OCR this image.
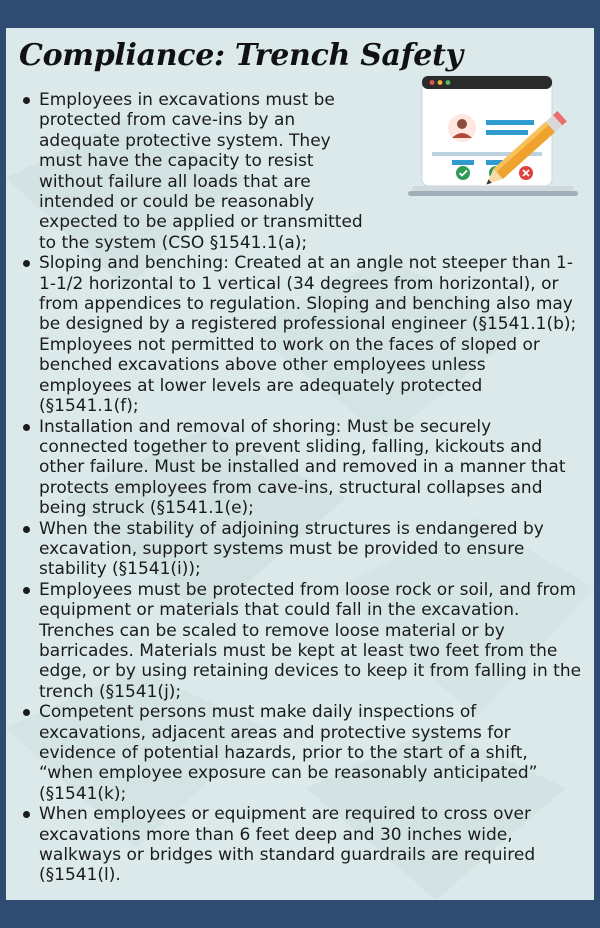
Compliance: Trench Safety
Employees in excavations must be protected from cave-ins by an adequate protective system. They must have the capacity to resist without failure all loads that are intended or could be reasonably expected to be applied or transmitted to the system (CSO §1541.1(a);
Sloping and benching: Created at an angle not steeper than 1-1-1/2 horizontal to 1 vertical (34 degrees from horizontal), or from appendices to regulation. Sloping and benching also may be designed by a registered professional engineer (§1541.1(b); Employees not permitted to work on the faces of sloped or benched excavations above other employees unless employees at lower levels are adequately protected (§1541.1(f);
Installation and removal of shoring: Must be securely connected together to prevent sliding, falling, kickouts and other failure. Must be installed and removed in a manner that protects employees from cave-ins, structural collapses and being struck (§1541.1(e);
When the stability of adjoining structures is endangered by excavation, support systems must be provided to ensure stability (§1541(i));
Employees must be protected from loose rock or soil, and from equipment or materials that could fall in the excavation. Trenches can be scaled to remove loose material or by barricades. Materials must be kept at least two feet from the edge, or by using retaining devices to keep it from falling in the trench (§1541(j);
Competent persons must make daily inspections of excavations, adjacent areas and protective systems for evidence of potential hazards, prior to the start of a shift, “when employee exposure can be reasonably anticipated” (§1541(k);
When employees or equipment are required to cross over excavations more than 6 feet deep and 30 inches wide, walkways or bridges with standard guardrails are required (§1541(l).
